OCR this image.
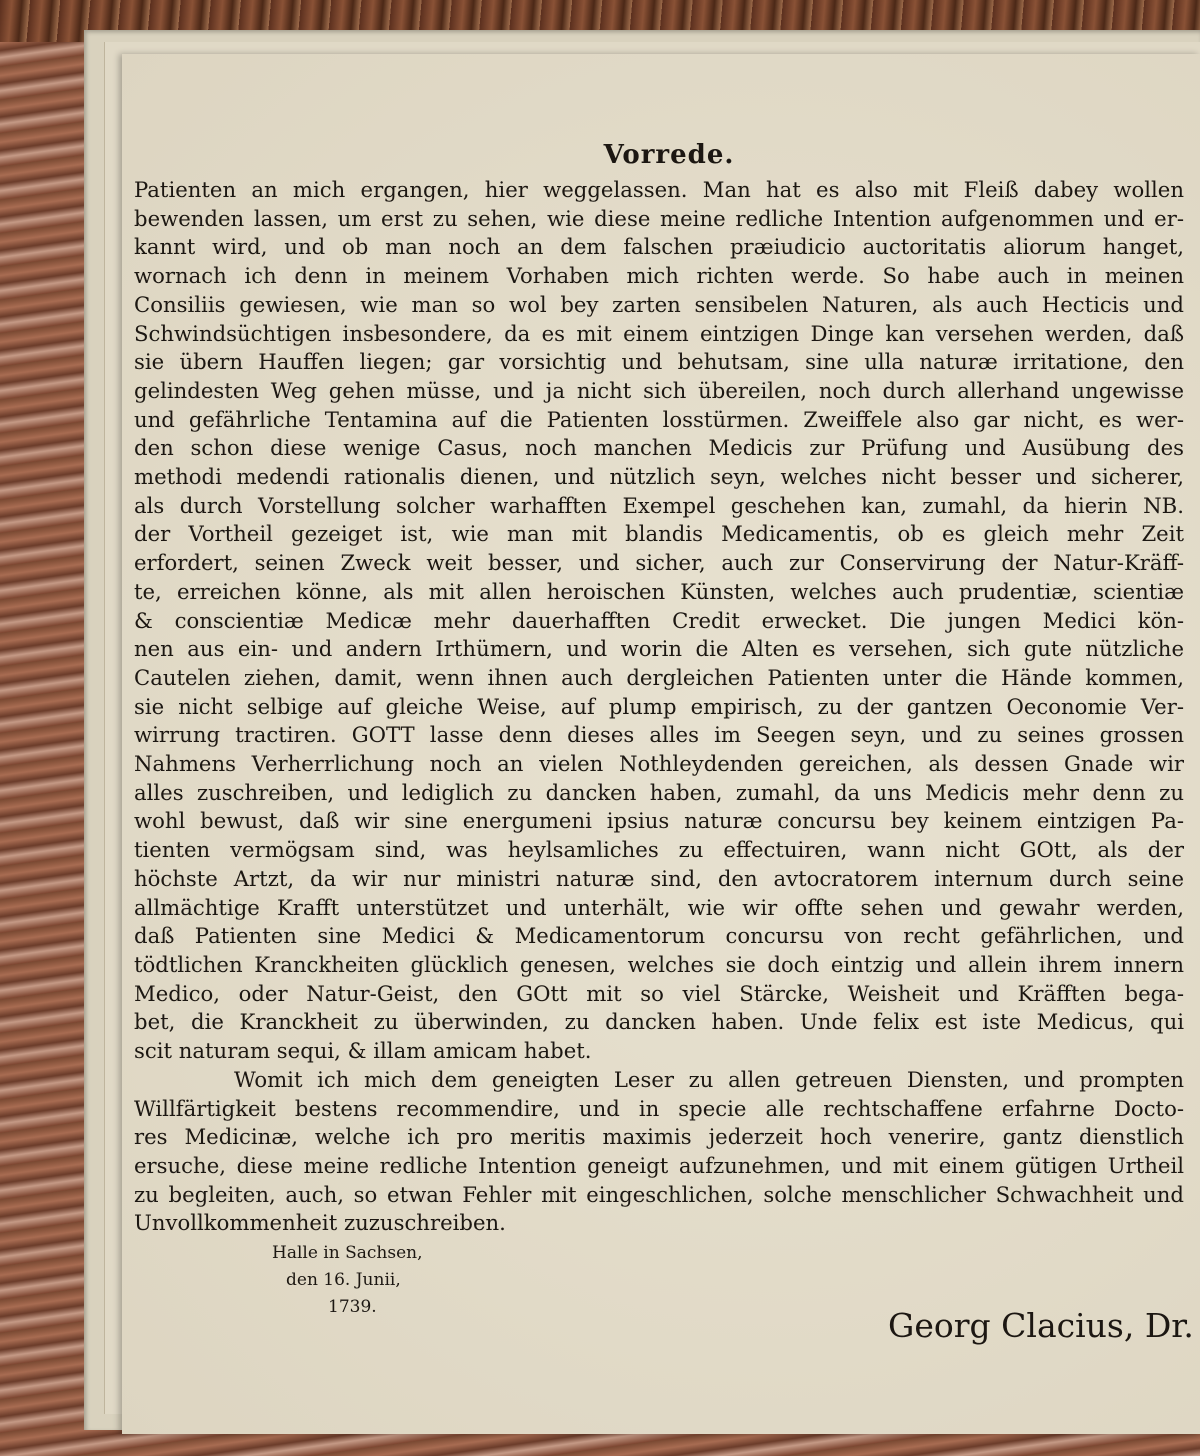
Vorrede.
Patienten an mich ergangen, hier weggelassen. Man hat es also mit Fleiß dabey wollen
bewenden lassen, um erst zu sehen, wie diese meine redliche Intention aufgenommen und er-
kannt wird, und ob man noch an dem falschen præiudicio auctoritatis aliorum hanget,
wornach ich denn in meinem Vorhaben mich richten werde. So habe auch in meinen
Consiliis gewiesen, wie man so wol bey zarten sensibelen Naturen, als auch Hecticis und
Schwindsüchtigen insbesondere, da es mit einem eintzigen Dinge kan versehen werden, daß
sie übern Hauffen liegen; gar vorsichtig und behutsam, sine ulla naturæ irritatione, den
gelindesten Weg gehen müsse, und ja nicht sich übereilen, noch durch allerhand ungewisse
und gefährliche Tentamina auf die Patienten losstürmen. Zweiffele also gar nicht, es wer-
den schon diese wenige Casus, noch manchen Medicis zur Prüfung und Ausübung des
methodi medendi rationalis dienen, und nützlich seyn, welches nicht besser und sicherer,
als durch Vorstellung solcher warhafften Exempel geschehen kan, zumahl, da hierin NB.
der Vortheil gezeiget ist, wie man mit blandis Medicamentis, ob es gleich mehr Zeit
erfordert, seinen Zweck weit besser, und sicher, auch zur Conservirung der Natur-Kräff-
te, erreichen könne, als mit allen heroischen Künsten, welches auch prudentiæ, scientiæ
& conscientiæ Medicæ mehr dauerhafften Credit erwecket. Die jungen Medici kön-
nen aus ein- und andern Irthümern, und worin die Alten es versehen, sich gute nützliche
Cautelen ziehen, damit, wenn ihnen auch dergleichen Patienten unter die Hände kommen,
sie nicht selbige auf gleiche Weise, auf plump empirisch, zu der gantzen Oeconomie Ver-
wirrung tractiren. GOTT lasse denn dieses alles im Seegen seyn, und zu seines grossen
Nahmens Verherrlichung noch an vielen Nothleydenden gereichen, als dessen Gnade wir
alles zuschreiben, und lediglich zu dancken haben, zumahl, da uns Medicis mehr denn zu
wohl bewust, daß wir sine energumeni ipsius naturæ concursu bey keinem eintzigen Pa-
tienten vermögsam sind, was heylsamliches zu effectuiren, wann nicht GOtt, als der
höchste Artzt, da wir nur ministri naturæ sind, den avtocratorem internum durch seine
allmächtige Krafft unterstützet und unterhält, wie wir offte sehen und gewahr werden,
daß Patienten sine Medici & Medicamentorum concursu von recht gefährlichen, und
tödtlichen Kranckheiten glücklich genesen, welches sie doch eintzig und allein ihrem innern
Medico, oder Natur-Geist, den GOtt mit so viel Stärcke, Weisheit und Kräfften bega-
bet, die Kranckheit zu überwinden, zu dancken haben. Unde felix est iste Medicus, qui
scit naturam sequi, & illam amicam habet.
Womit ich mich dem geneigten Leser zu allen getreuen Diensten, und prompten
Willfärtigkeit bestens recommendire, und in specie alle rechtschaffene erfahrne Docto-
res Medicinæ, welche ich pro meritis maximis jederzeit hoch venerire, gantz dienstlich
ersuche, diese meine redliche Intention geneigt aufzunehmen, und mit einem gütigen Urtheil
zu begleiten, auch, so etwan Fehler mit eingeschlichen, solche menschlicher Schwachheit und
Unvollkommenheit zuzuschreiben.
Halle in Sachsen,
den 16. Junii,
1739.	Georg Clacius, Dr.
